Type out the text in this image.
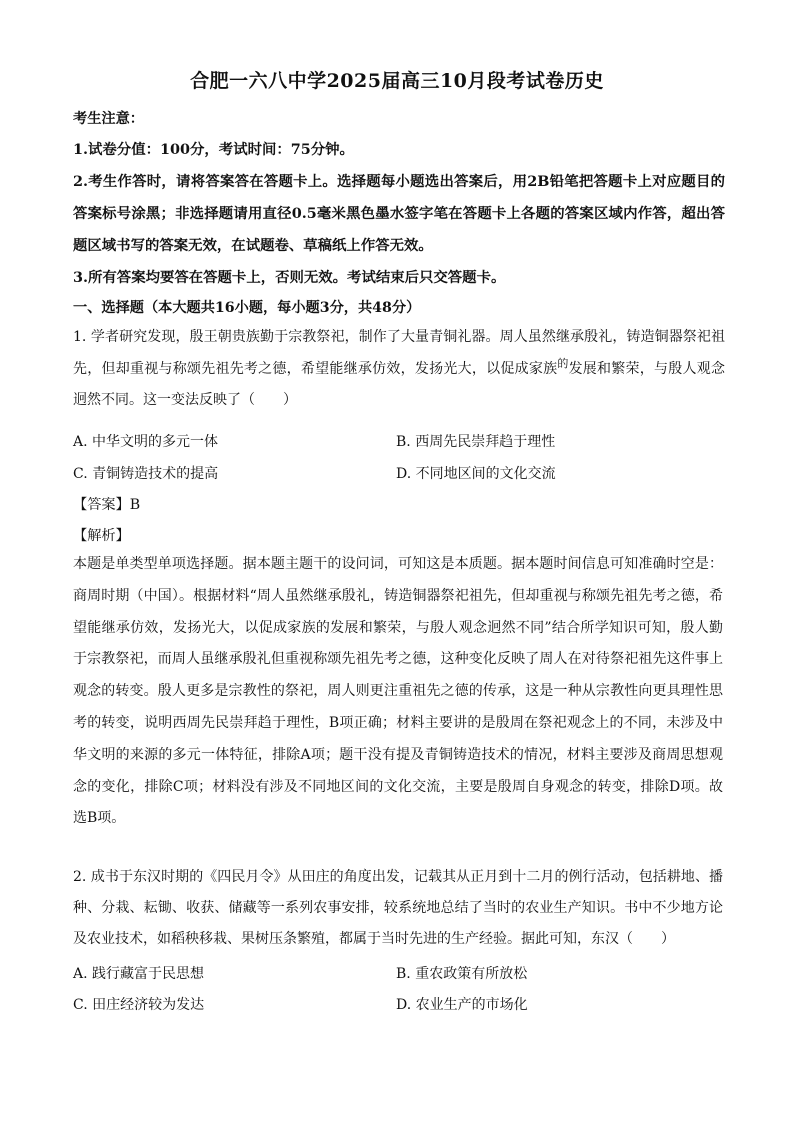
合肥一六八中学2025届高三10月段考试卷历史
考生注意：
1.试卷分值：100分，考试时间：75分钟。
2.考生作答时，请将答案答在答题卡上。选择题每小题选出答案后，用2B铅笔把答题卡上对应题目的答案标号涂黑；非选择题请用直径0.5毫米黑色墨水签字笔在答题卡上各题的答案区域内作答，超出答题区域书写的答案无效，在试题卷、草稿纸上作答无效。
3.所有答案均要答在答题卡上，否则无效。考试结束后只交答题卡。
一、选择题（本大题共16小题，每小题3分，共48分）
1. 学者研究发现，殷王朝贵族勤于宗教祭祀，制作了大量青铜礼器。周人虽然继承殷礼，铸造铜器祭祀祖先，但却重视与称颂先祖先考之德，希望能继承仿效，发扬光大，以促成家族$^的$发展和繁荣，与殷人观念迥然不同。这一变法反映了（　　）
A. 中华文明的多元一体	B. 西周先民崇拜趋于理性
C. 青铜铸造技术的提高	D. 不同地区间的文化交流
【答案】B
【解析】
本题是单类型单项选择题。据本题主题干的设问词，可知这是本质题。据本题时间信息可知准确时空是：商周时期（中国）。根据材料“周人虽然继承殷礼，铸造铜器祭祀祖先，但却重视与称颂先祖先考之德，希望能继承仿效，发扬光大，以促成家族的发展和繁荣，与殷人观念迥然不同”结合所学知识可知，殷人勤于宗教祭祀，而周人虽继承殷礼但重视称颂先祖先考之德，这种变化反映了周人在对待祭祀祖先这件事上观念的转变。殷人更多是宗教性的祭祀，周人则更注重祖先之德的传承，这是一种从宗教性向更具理性思考的转变，说明西周先民崇拜趋于理性，B项正确；材料主要讲的是殷周在祭祀观念上的不同，未涉及中华文明的来源的多元一体特征，排除A项；题干没有提及青铜铸造技术的情况，材料主要涉及商周思想观念的变化，排除C项；材料没有涉及不同地区间的文化交流，主要是殷周自身观念的转变，排除D项。故选B项。
2. 成书于东汉时期的《四民月令》从田庄的角度出发，记载其从正月到十二月的例行活动，包括耕地、播种、分栽、耘锄、收获、储藏等一系列农事安排，较系统地总结了当时的农业生产知识。书中不少地方论及农业技术，如稻秧移栽、果树压条繁殖，都属于当时先进的生产经验。据此可知，东汉（　　）
A. 践行藏富于民思想	B. 重农政策有所放松
C. 田庄经济较为发达	D. 农业生产的市场化
